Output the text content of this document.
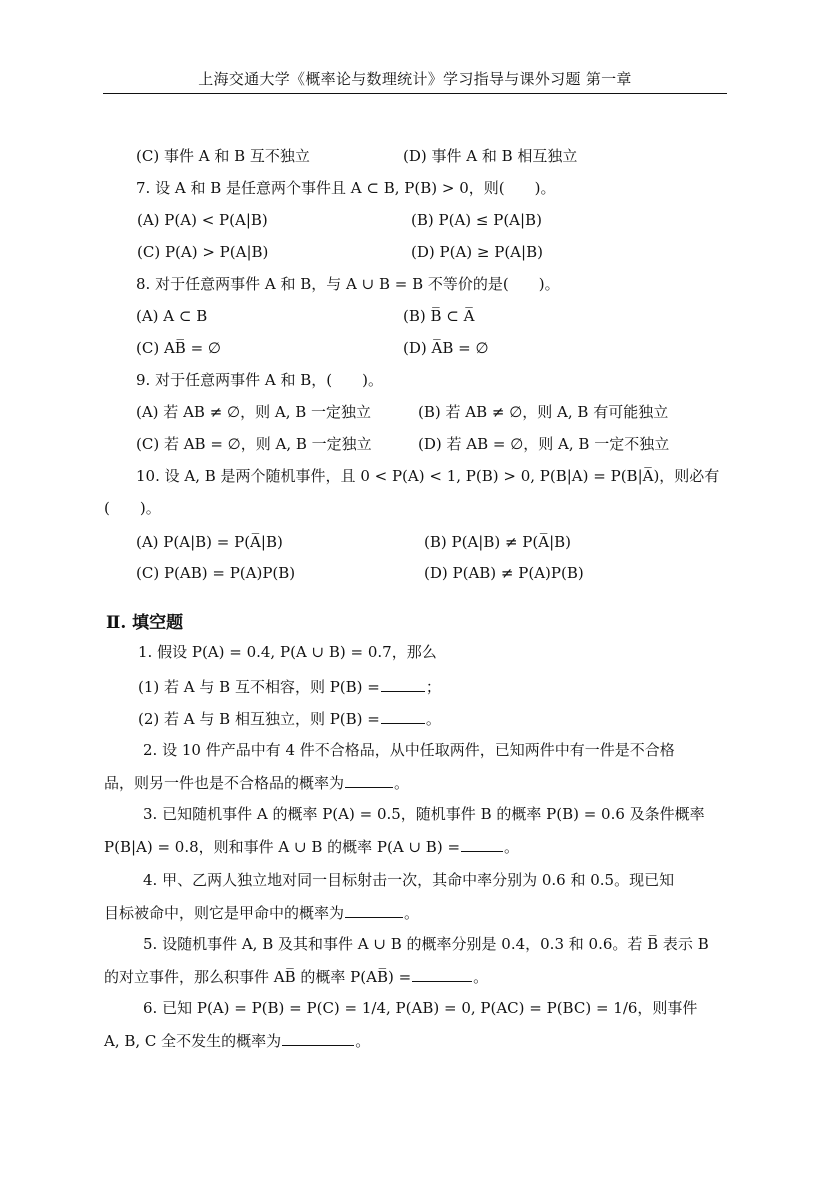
上海交通大学《概率论与数理统计》学习指导与课外习题 第一章
(C) 事件 A 和 B 互不独立	(D) 事件 A 和 B 相互独立
7. 设 A 和 B 是任意两个事件且 A ⊂ B, P(B) > 0，则(　　)。
(A) P(A) < P(A|B)	(B) P(A) ≤ P(A|B)
(C) P(A) > P(A|B)	(D) P(A) ≥ P(A|B)
8. 对于任意两事件 A 和 B，与 A ∪ B = B 不等价的是(　　)。
(A) A ⊂ B	(B) B̅ ⊂ A̅
(C) AB̅ = ∅	(D) A̅B = ∅
9. 对于任意两事件 A 和 B，(　　)。
(A) 若 AB ≠ ∅，则 A, B 一定独立	(B) 若 AB ≠ ∅，则 A, B 有可能独立
(C) 若 AB = ∅，则 A, B 一定独立	(D) 若 AB = ∅，则 A, B 一定不独立
10. 设 A, B 是两个随机事件，且 0 < P(A) < 1, P(B) > 0, P(B|A) = P(B|A̅)，则必有
(　　)。
(A) P(A|B) = P(A̅|B)	(B) P(A|B) ≠ P(A̅|B)
(C) P(AB) = P(A)P(B)	(D) P(AB) ≠ P(A)P(B)
Ⅱ. 填空题
1. 假设 P(A) = 0.4, P(A ∪ B) = 0.7，那么
(1) 若 A 与 B 互不相容，则 P(B) =	；
(2) 若 A 与 B 相互独立，则 P(B) =	。
2. 设 10 件产品中有 4 件不合格品，从中任取两件，已知两件中有一件是不合格
品，则另一件也是不合格品的概率为	。
3. 已知随机事件 A 的概率 P(A) = 0.5，随机事件 B 的概率 P(B) = 0.6 及条件概率
P(B|A) = 0.8，则和事件 A ∪ B 的概率 P(A ∪ B) =	。
4. 甲、乙两人独立地对同一目标射击一次，其命中率分别为 0.6 和 0.5。现已知
目标被命中，则它是甲命中的概率为	。
5. 设随机事件 A, B 及其和事件 A ∪ B 的概率分别是 0.4，0.3 和 0.6。若 B̅ 表示 B
的对立事件，那么积事件 AB̅ 的概率 P(AB̅) =	。
6. 已知 P(A) = P(B) = P(C) = 1/4, P(AB) = 0, P(AC) = P(BC) = 1/6，则事件
A, B, C 全不发生的概率为	。
